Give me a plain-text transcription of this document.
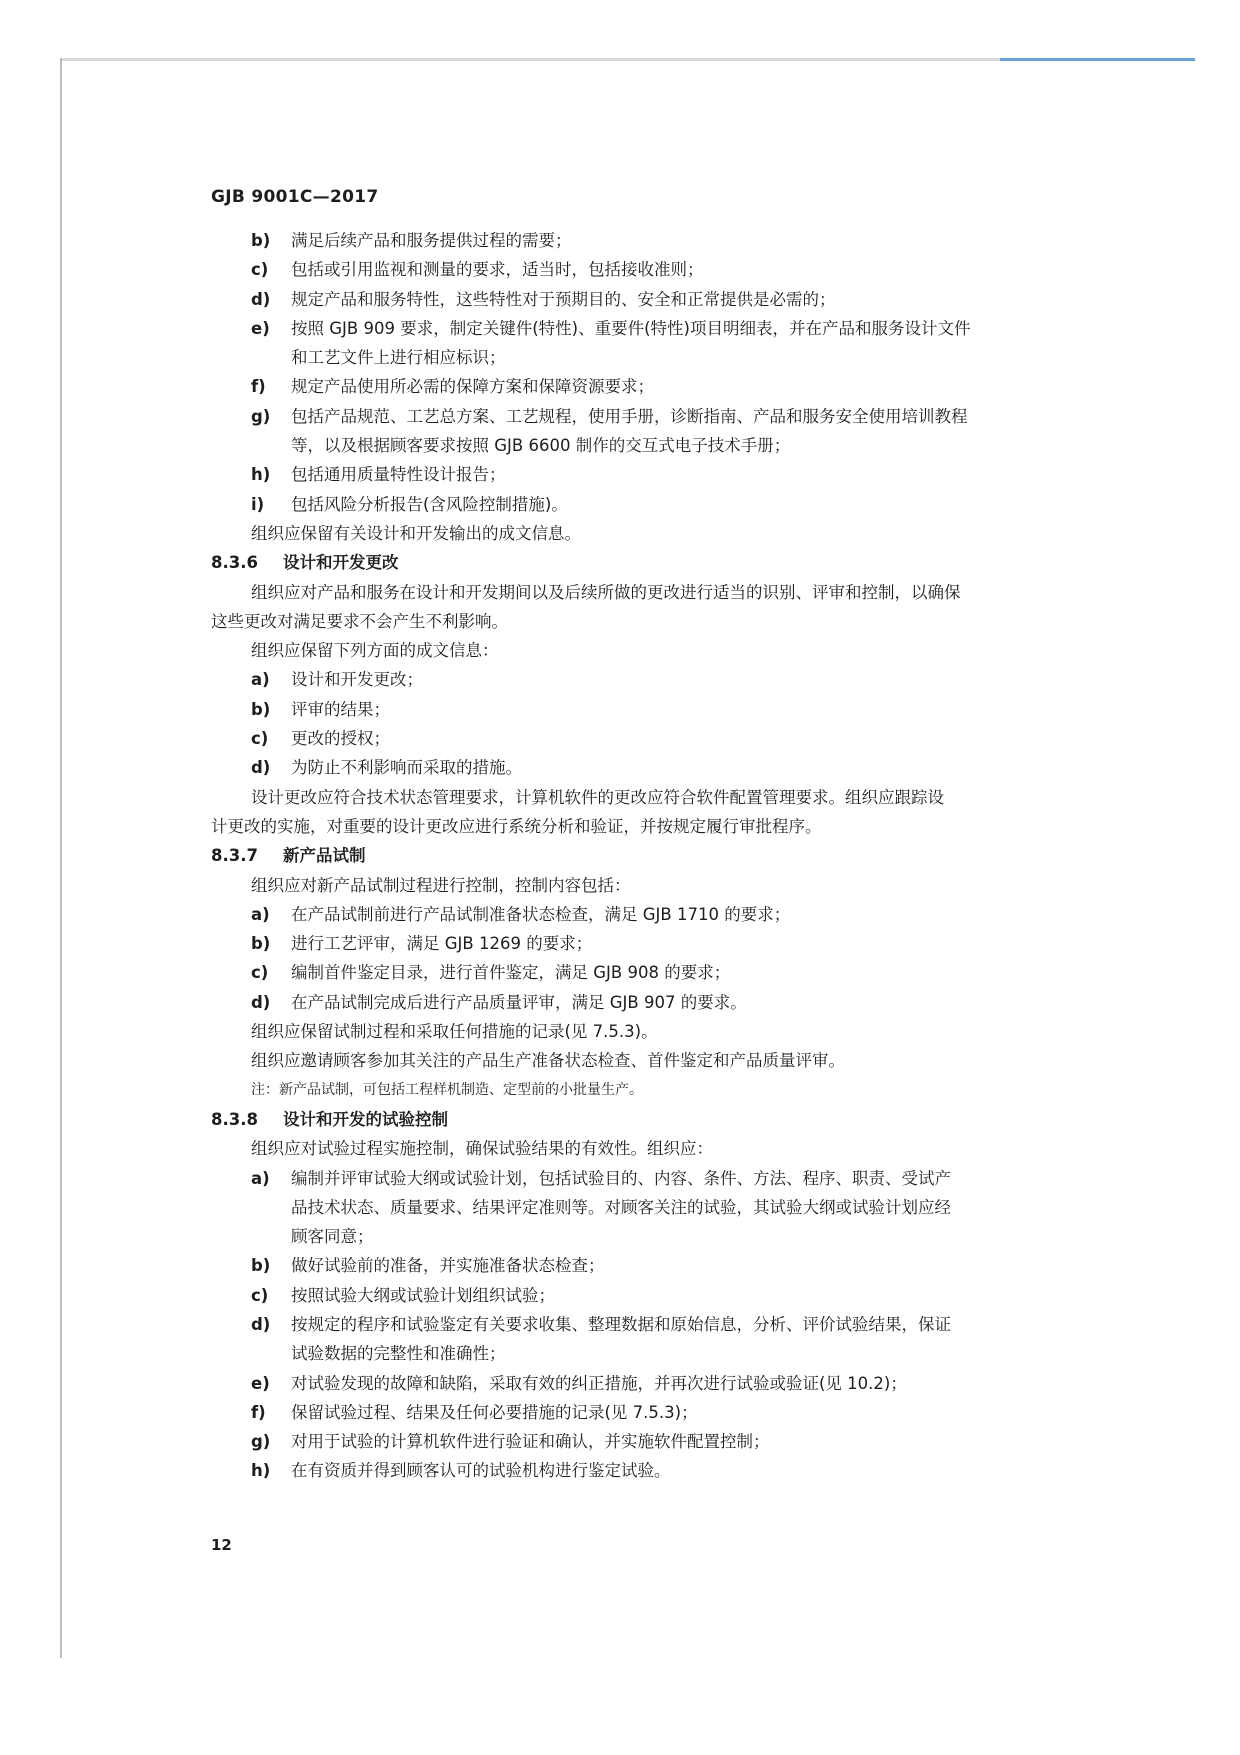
GJB 9001C—2017
b)	满足后续产品和服务提供过程的需要；
c)	包括或引用监视和测量的要求，适当时，包括接收准则；
d)	规定产品和服务特性，这些特性对于预期目的、安全和正常提供是必需的；
e)	按照 GJB 909 要求，制定关键件(特性)、重要件(特性)项目明细表，并在产品和服务设计文件
和工艺文件上进行相应标识；
f)	规定产品使用所必需的保障方案和保障资源要求；
g)	包括产品规范、工艺总方案、工艺规程，使用手册，诊断指南、产品和服务安全使用培训教程
等，以及根据顾客要求按照 GJB 6600 制作的交互式电子技术手册；
h)	包括通用质量特性设计报告；
i)	包括风险分析报告(含风险控制措施)。
组织应保留有关设计和开发输出的成文信息。
8.3.6 设计和开发更改
组织应对产品和服务在设计和开发期间以及后续所做的更改进行适当的识别、评审和控制，以确保
这些更改对满足要求不会产生不利影响。
组织应保留下列方面的成文信息：
a)	设计和开发更改；
b)	评审的结果；
c)	更改的授权；
d)	为防止不利影响而采取的措施。
设计更改应符合技术状态管理要求，计算机软件的更改应符合软件配置管理要求。组织应跟踪设
计更改的实施，对重要的设计更改应进行系统分析和验证，并按规定履行审批程序。
8.3.7 新产品试制
组织应对新产品试制过程进行控制，控制内容包括：
a)	在产品试制前进行产品试制准备状态检查，满足 GJB 1710 的要求；
b)	进行工艺评审，满足 GJB 1269 的要求；
c)	编制首件鉴定目录，进行首件鉴定，满足 GJB 908 的要求；
d)	在产品试制完成后进行产品质量评审，满足 GJB 907 的要求。
组织应保留试制过程和采取任何措施的记录(见 7.5.3)。
组织应邀请顾客参加其关注的产品生产准备状态检查、首件鉴定和产品质量评审。
注：新产品试制，可包括工程样机制造、定型前的小批量生产。
8.3.8 设计和开发的试验控制
组织应对试验过程实施控制，确保试验结果的有效性。组织应：
a)	编制并评审试验大纲或试验计划，包括试验目的、内容、条件、方法、程序、职责、受试产
品技术状态、质量要求、结果评定准则等。对顾客关注的试验，其试验大纲或试验计划应经
顾客同意；
b)	做好试验前的准备，并实施准备状态检查；
c)	按照试验大纲或试验计划组织试验；
d)	按规定的程序和试验鉴定有关要求收集、整理数据和原始信息，分析、评价试验结果，保证
试验数据的完整性和准确性；
e)	对试验发现的故障和缺陷，采取有效的纠正措施，并再次进行试验或验证(见 10.2)；
f)	保留试验过程、结果及任何必要措施的记录(见 7.5.3)；
g)	对用于试验的计算机软件进行验证和确认，并实施软件配置控制；
h)	在有资质并得到顾客认可的试验机构进行鉴定试验。
12
